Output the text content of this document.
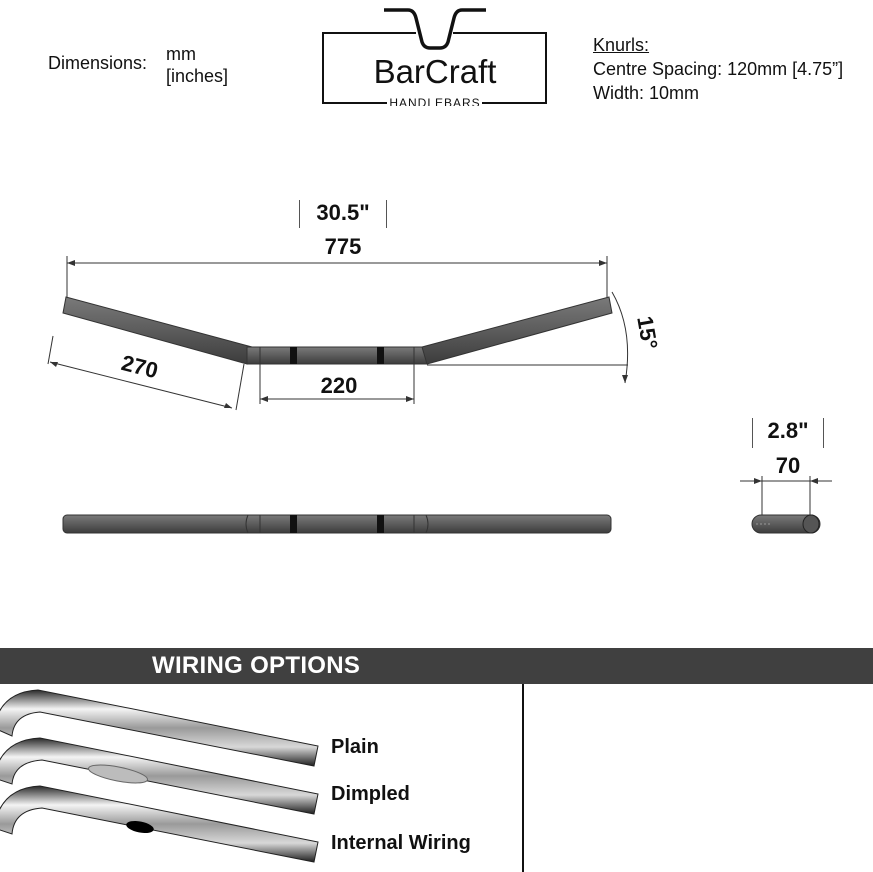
Dimensions: mm
[inches]	BarCraft
HANDLEBARS
Knurls:
Centre Spacing: 120mm [4.75”]
Width: 10mm
270
220
15°
30.5"
775
2.8"
70
WIRING OPTIONS
Plain
Dimpled
Internal Wiring
